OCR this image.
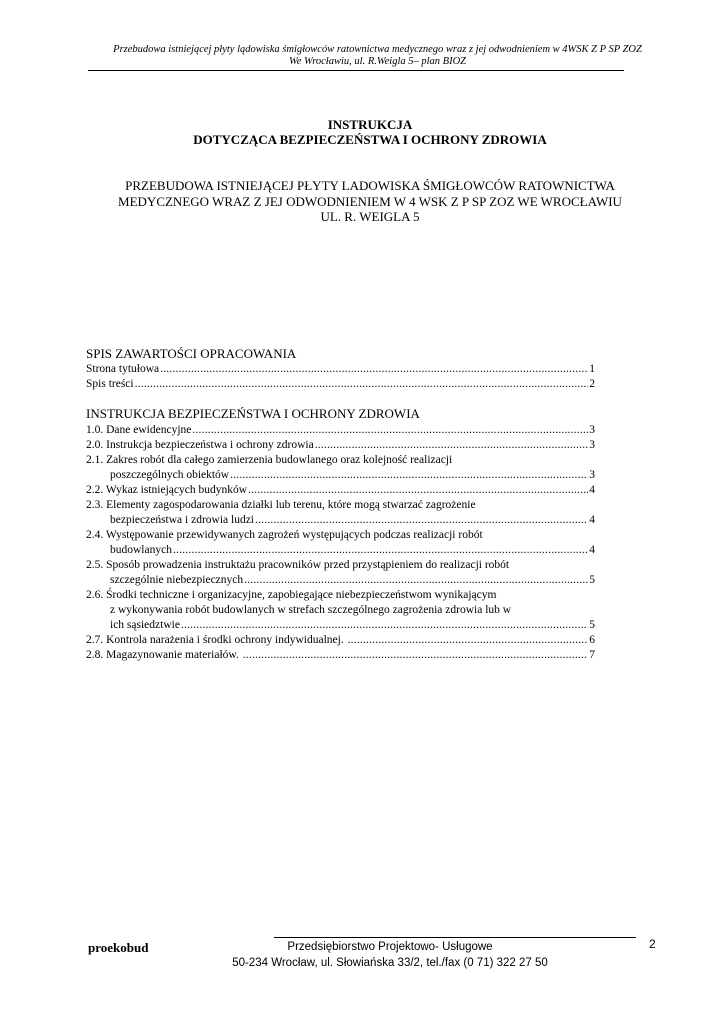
Przebudowa istniejącej płyty lądowiska śmigłowców ratownictwa medycznego wraz z jej odwodnieniem w 4WSK Z P SP ZOZ
We Wrocławiu, ul. R.Weigla 5– plan BIOZ
INSTRUKCJA
DOTYCZĄCA BEZPIECZEŃSTWA I OCHRONY ZDROWIA
PRZEBUDOWA ISTNIEJĄCEJ PŁYTY LADOWISKA ŚMIGŁOWCÓW RATOWNICTWA
MEDYCZNEGO WRAZ Z JEJ ODWODNIENIEM W 4 WSK Z P SP ZOZ WE WROCŁAWIU
UL. R. WEIGLA 5
SPIS ZAWARTOŚCI OPRACOWANIA
Strona tytułowa .....	1
Spis treści .....	2
INSTRUKCJA BEZPIECZEŃSTWA I OCHRONY ZDROWIA
1.0. Dane ewidencyjne .....	3
2.0. Instrukcja bezpieczeństwa i ochrony zdrowia .....	3
2.1. Zakres robót dla całego zamierzenia budowlanego oraz kolejność realizacji
poszczególnych obiektów .....	3
2.2. Wykaz istniejących budynków .....	4
2.3. Elementy zagospodarowania działki lub terenu, które mogą stwarzać zagrożenie
bezpieczeństwa i zdrowia ludzi .....	4
2.4. Występowanie przewidywanych zagrożeń występujących podczas realizacji robót
budowlanych .....	4
2.5. Sposób prowadzenia instruktażu pracowników przed przystąpieniem do realizacji robót
szczególnie niebezpiecznych .....	5
2.6. Środki techniczne i organizacyjne, zapobiegające niebezpieczeństwom wynikającym
z wykonywania robót budowlanych w strefach szczególnego zagrożenia zdrowia lub w
ich sąsiedztwie .....	5
2.7. Kontrola narażenia i środki ochrony indywidualnej. .....	6
2.8. Magazynowanie materiałów. .....	7
proekobud	Przedsiębiorstwo Projektowo- Usługowe
50-234 Wrocław, ul. Słowiańska 33/2, tel./fax (0 71) 322 27 50
2
